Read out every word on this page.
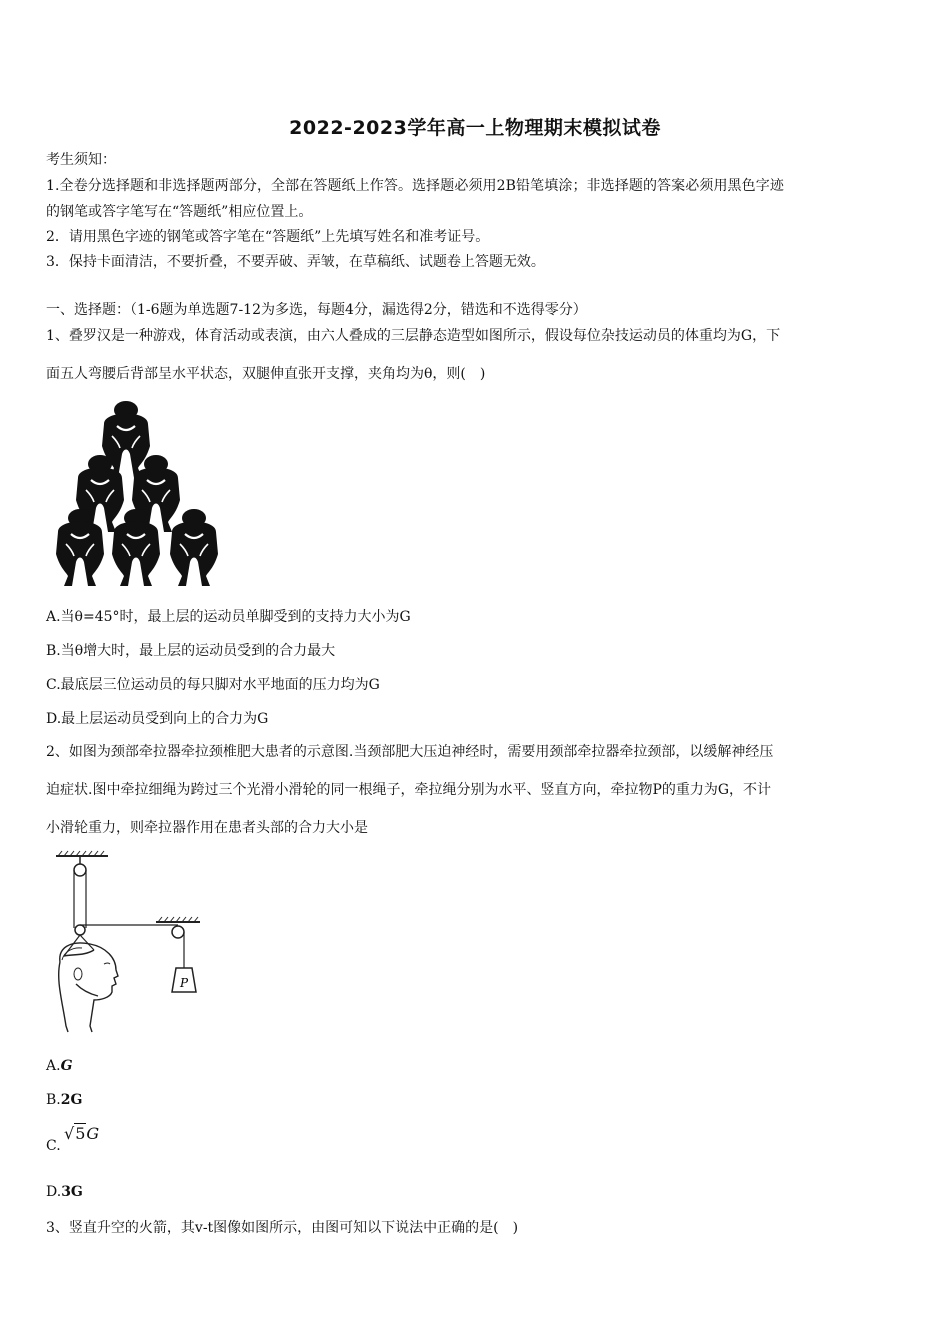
2022-2023学年高一上物理期末模拟试卷
考生须知：
1.全卷分选择题和非选择题两部分，全部在答题纸上作答。选择题必须用2B铅笔填涂；非选择题的答案必须用黑色字迹
的钢笔或答字笔写在“答题纸”相应位置上。
2．请用黑色字迹的钢笔或答字笔在“答题纸”上先填写姓名和准考证号。
3．保持卡面清洁，不要折叠，不要弄破、弄皱，在草稿纸、试题卷上答题无效。
一、选择题：（1-6题为单选题7-12为多选，每题4分，漏选得2分，错选和不选得零分）
1、叠罗汉是一种游戏，体育活动或表演，由六人叠成的三层静态造型如图所示，假设每位杂技运动员的体重均为G，下
面五人弯腰后背部呈水平状态，双腿伸直张开支撑，夹角均为θ，则(　)
A.当θ=45°时，最上层的运动员单脚受到的支持力大小为G
B.当θ增大时，最上层的运动员受到的合力最大
C.最底层三位运动员的每只脚对水平地面的压力均为G
D.最上层运动员受到向上的合力为G
2、如图为颈部牵拉器牵拉颈椎肥大患者的示意图.当颈部肥大压迫神经时，需要用颈部牵拉器牵拉颈部，以缓解神经压
迫症状.图中牵拉细绳为跨过三个光滑小滑轮的同一根绳子，牵拉绳分别为水平、竖直方向，牵拉物P的重力为G，不计
小滑轮重力，则牵拉器作用在患者头部的合力大小是
P
A.G
B.2G
C.
√5G
D.3G
3、竖直升空的火箭，其v-t图像如图所示，由图可知以下说法中正确的是(　)
